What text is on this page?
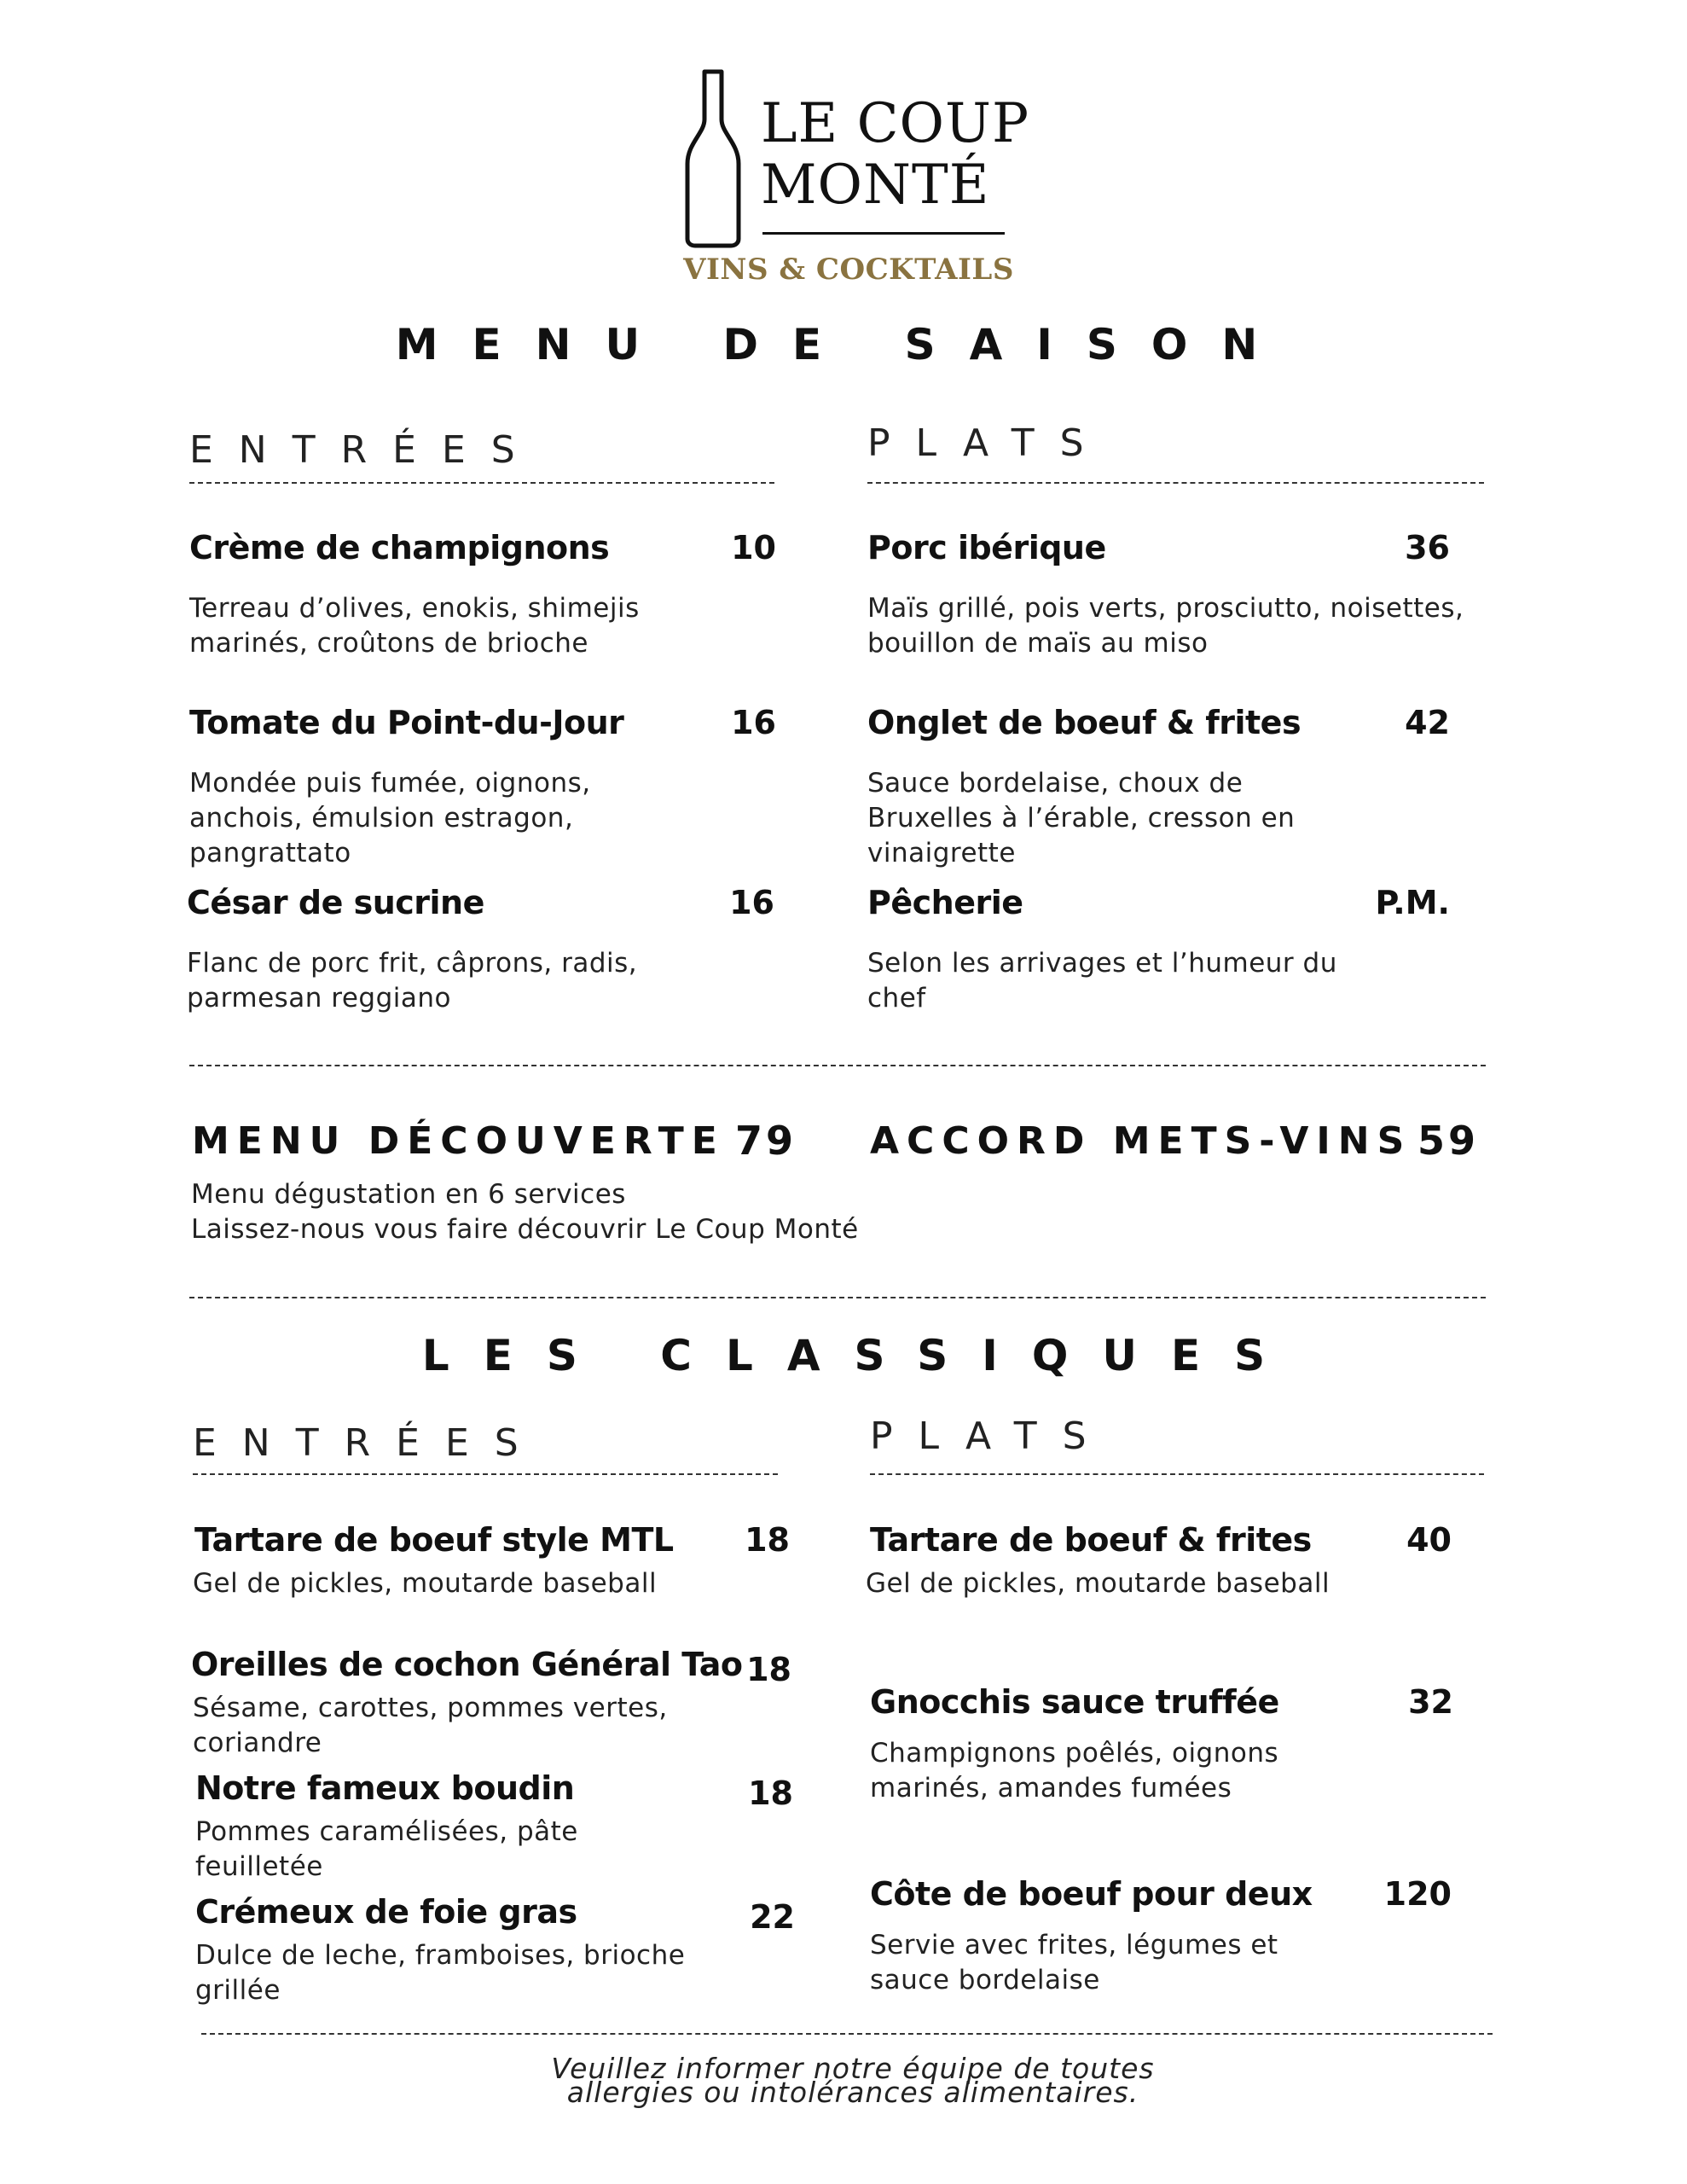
LE COUP
MONTÉ
VINS & COCKTAILS
MENU DE SAISON
ENTRÉES	PLATS
Crème de champignons	10
Terreau d’olives, enokis, shimejis marinés, croûtons de brioche
Tomate du Point-du-Jour	16
Mondée puis fumée, oignons, anchois, émulsion estragon, pangrattato
César de sucrine	16
Flanc de porc frit, câprons, radis, parmesan reggiano
Porc ibérique	36
Maïs grillé, pois verts, prosciutto, noisettes, bouillon de maïs au miso
Onglet de boeuf & frites	42
Sauce bordelaise, choux de Bruxelles à l’érable, cresson en vinaigrette
Pêcherie	P.M.
Selon les arrivages et l’humeur du chef
MENU DÉCOUVERTE 79 ACCORD METS-VINS 59
Menu dégustation en 6 services
Laissez-nous vous faire découvrir Le Coup Monté
LES CLASSIQUES
ENTRÉES	PLATS
Tartare de boeuf style MTL	18
Gel de pickles, moutarde baseball
Oreilles de cochon Général Tao 18
Sésame, carottes, pommes vertes, coriandre
Notre fameux boudin	18
Pommes caramélisées, pâte feuilletée
Crémeux de foie gras	22
Dulce de leche, framboises, brioche grillée
Tartare de boeuf & frites	40
Gel de pickles, moutarde baseball
Gnocchis sauce truffée	32
Champignons poêlés, oignons marinés, amandes fumées
Côte de boeuf pour deux	120
Servie avec frites, légumes et sauce bordelaise
Veuillez informer notre équipe de toutes
allergies ou intolérances alimentaires.
